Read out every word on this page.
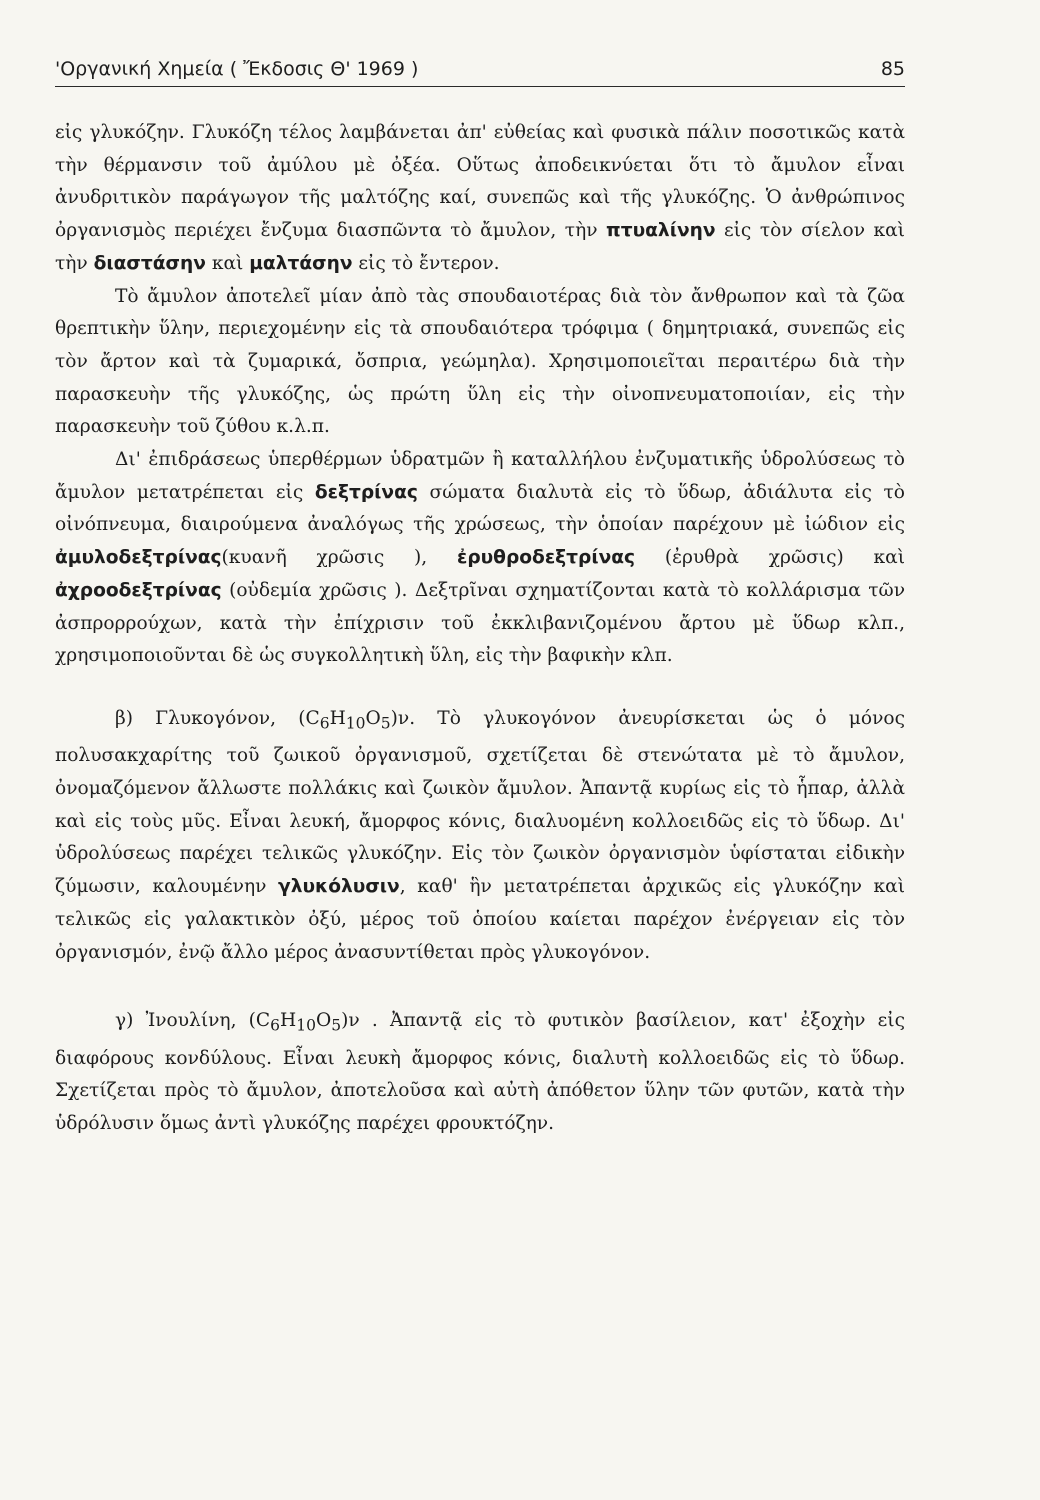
'Οργανική Χημεία ( Ἔκδοσις Θ' 1969 )	85

εἰς γλυκόζην. Γλυκόζη τέλος λαμβάνεται ἀπ' εὐθείας καὶ φυσικὰ πάλιν ποσοτικῶς κατὰ τὴν θέρμανσιν τοῦ ἀμύλου μὲ ὀξέα. Οὕτως ἀποδεικνύεται ὅτι τὸ ἄμυλον εἶναι ἀνυδριτικὸν παράγωγον τῆς μαλτόζης καί, συνεπῶς καὶ τῆς γλυκόζης. Ὁ ἀνθρώπινος ὀργανισμὸς περιέχει ἔνζυμα διασπῶντα τὸ ἄμυλον, τὴν πτυαλίνην εἰς τὸν σίελον καὶ τὴν διαστάσην καὶ μαλτάσην εἰς τὸ ἔντερον.

Τὸ ἄμυλον ἀποτελεῖ μίαν ἀπὸ τὰς σπουδαιοτέρας διὰ τὸν ἄνθρωπον καὶ τὰ ζῶα θρεπτικὴν ὕλην, περιεχομένην εἰς τὰ σπουδαιότερα τρόφιμα ( δημητριακά, συνεπῶς εἰς τὸν ἄρτον καὶ τὰ ζυμαρικά, ὄσπρια, γεώμηλα). Χρησιμοποιεῖται περαιτέρω διὰ τὴν παρασκευὴν τῆς γλυκόζης, ὡς πρώτη ὕλη εἰς τὴν οἰνοπνευματοποιίαν, εἰς τὴν παρασκευὴν τοῦ ζύθου κ.λ.π.

Δι' ἐπιδράσεως ὑπερθέρμων ὑδρατμῶν ἢ καταλλήλου ἐνζυματικῆς ὑδρολύσεως τὸ ἄμυλον μετατρέπεται εἰς δεξτρίνας σώματα διαλυτὰ εἰς τὸ ὕδωρ, ἀδιάλυτα εἰς τὸ οἰνόπνευμα, διαιρούμενα ἀναλόγως τῆς χρώσεως, τὴν ὁποίαν παρέχουν μὲ ἰώδιον εἰς ἀμυλοδεξτρίνας(κυανῆ χρῶσις ), ἐρυθροδεξτρίνας (ἐρυθρὰ χρῶσις) καὶ ἀχροοδεξτρίνας (οὐδεμία χρῶσις ). Δεξτρῖναι σχηματίζονται κατὰ τὸ κολλάρισμα τῶν ἀσπρορρούχων, κατὰ τὴν ἐπίχρισιν τοῦ ἐκκλιβανιζομένου ἄρτου μὲ ὕδωρ κλπ., χρησιμοποιοῦνται δὲ ὡς συγκολλητικὴ ὕλη, εἰς τὴν βαφικὴν κλπ.

β) Γλυκογόνον, $(C_6H_{10}O_5)\nu$. Τὸ γλυκογόνον ἀνευρίσκεται ὡς ὁ μόνος πολυσακχαρίτης τοῦ ζωικοῦ ὀργανισμοῦ, σχετίζεται δὲ στενώτατα μὲ τὸ ἄμυλον, ὀνομαζόμενον ἄλλωστε πολλάκις καὶ ζωικὸν ἄμυλον. Ἀπαντᾷ κυρίως εἰς τὸ ἧπαρ, ἀλλὰ καὶ εἰς τοὺς μῦς. Εἶναι λευκή, ἄμορφος κόνις, διαλυομένη κολλοειδῶς εἰς τὸ ὕδωρ. Δι' ὑδρολύσεως παρέχει τελικῶς γλυκόζην. Εἰς τὸν ζωικὸν ὀργανισμὸν ὑφίσταται εἰδικὴν ζύμωσιν, καλουμένην γλυκόλυσιν, καθ' ἣν μετατρέπεται ἀρχικῶς εἰς γλυκόζην καὶ τελικῶς εἰς γαλακτικὸν ὀξύ, μέρος τοῦ ὁποίου καίεται παρέχον ἐνέργειαν εἰς τὸν ὀργανισμόν, ἐνῷ ἄλλο μέρος ἀνασυντίθεται πρὸς γλυκογόνον.

γ) Ἰνουλίνη, $(C_6H_{10}O_5)\nu$ . Ἀπαντᾷ εἰς τὸ φυτικὸν βασίλειον, κατ' ἐξοχὴν εἰς διαφόρους κονδύλους. Εἶναι λευκὴ ἄμορφος κόνις, διαλυτὴ κολλοειδῶς εἰς τὸ ὕδωρ. Σχετίζεται πρὸς τὸ ἄμυλον, ἀποτελοῦσα καὶ αὐτὴ ἀπόθετον ὕλην τῶν φυτῶν, κατὰ τὴν ὑδρόλυσιν ὅμως ἀντὶ γλυκόζης παρέχει φρουκτόζην.
